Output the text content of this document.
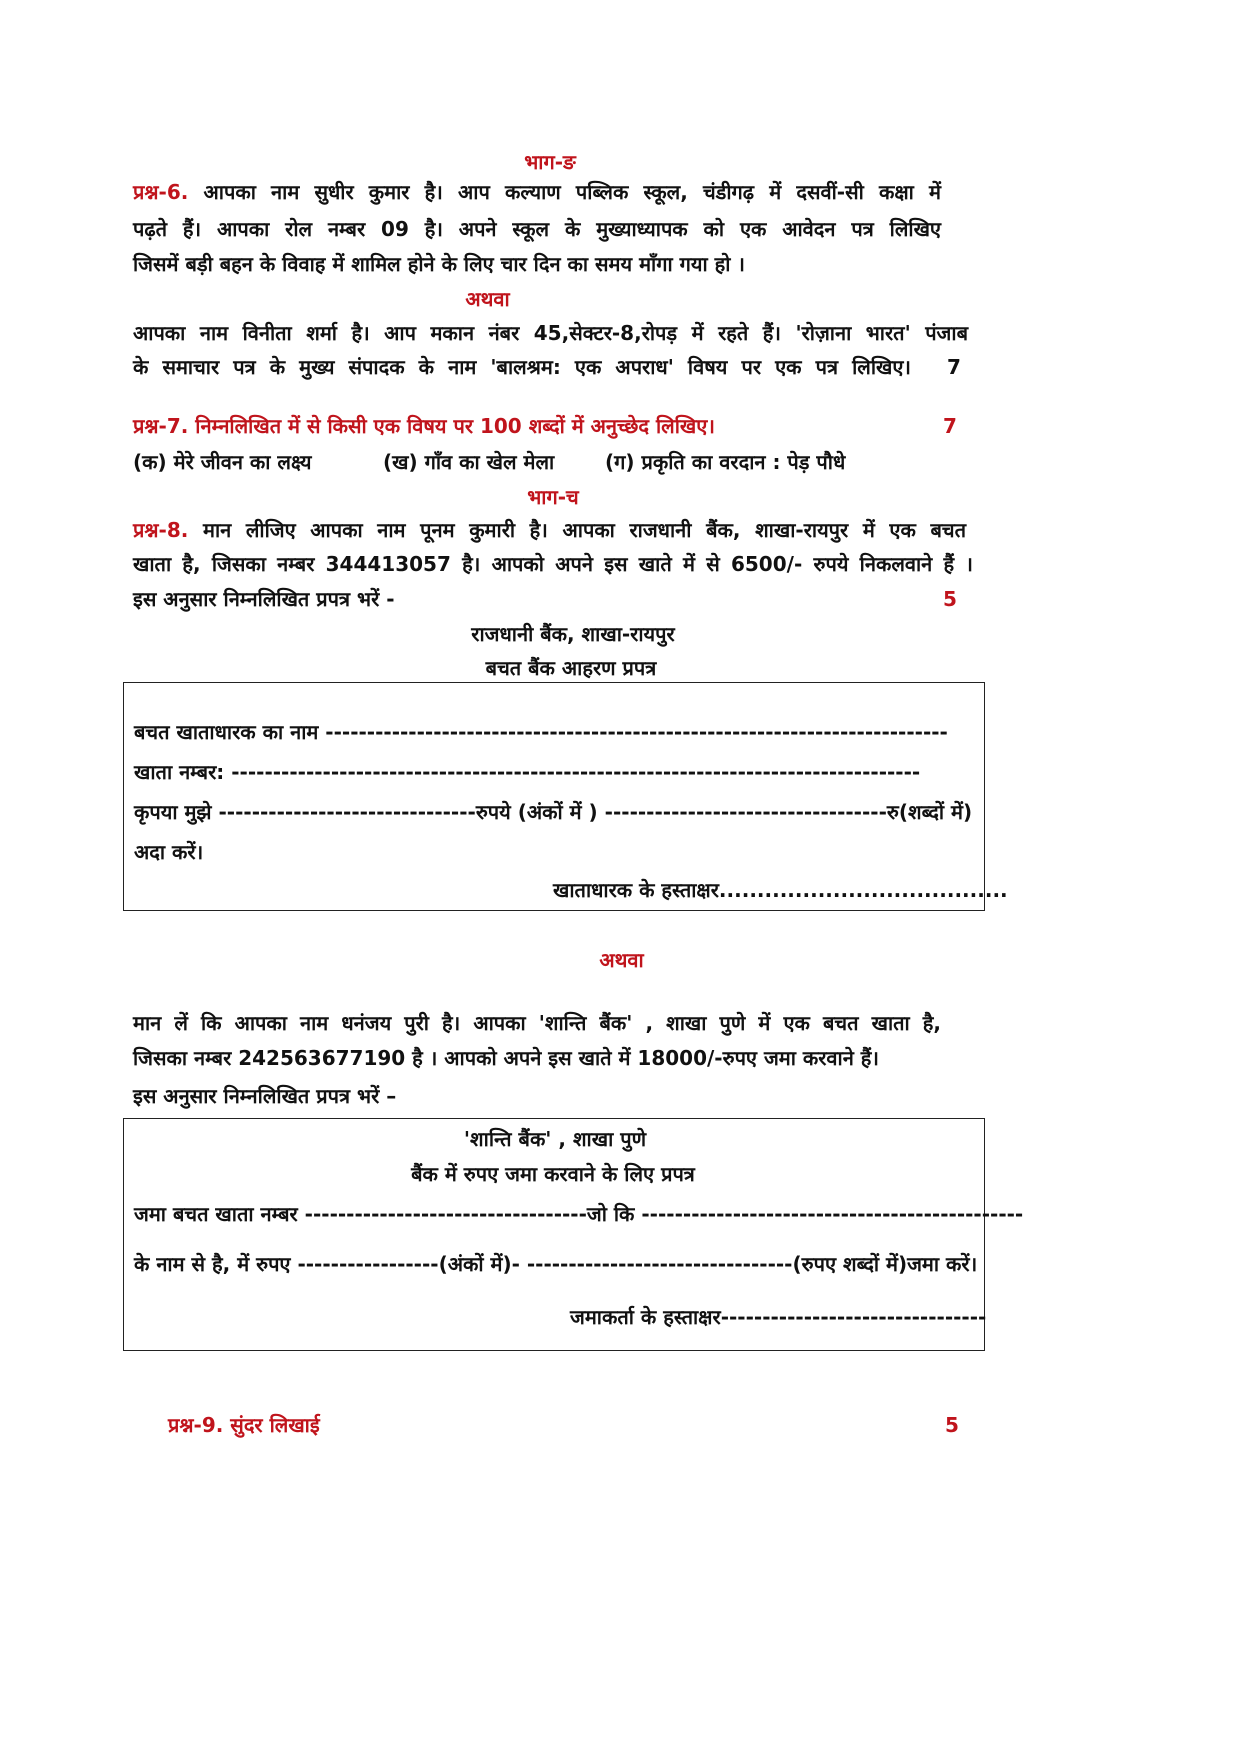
भाग-ङ
प्रश्न-6. आपका नाम सुधीर कुमार है। आप कल्याण पब्लिक स्कूल, चंडीगढ़ में दसवीं-सी कक्षा में
पढ़ते हैं। आपका रोल नम्बर 09 है। अपने स्कूल के मुख्याध्यापक को एक आवेदन पत्र लिखिए
जिसमें बड़ी बहन के विवाह में शामिल होने के लिए चार दिन का समय माँगा गया हो ।
अथवा
आपका नाम विनीता शर्मा है। आप मकान नंबर 45,सेक्टर-8,रोपड़ में रहते हैं। 'रोज़ाना भारत' पंजाब
के समाचार पत्र के मुख्य संपादक के नाम 'बालश्रम: एक अपराध' विषय पर एक पत्र लिखिए। 7
प्रश्न-7. निम्नलिखित में से किसी एक विषय पर 100 शब्दों में अनुच्छेद लिखिए।	7
(क) मेरे जीवन का लक्ष्य	(ख) गाँव का खेल मेला	(ग) प्रकृति का वरदान : पेड़ पौधे
भाग-च
प्रश्न-8. मान लीजिए आपका नाम पूनम कुमारी है। आपका राजधानी बैंक, शाखा-रायपुर में एक बचत
खाता है, जिसका नम्बर 344413057 है। आपको अपने इस खाते में से 6500/- रुपये निकलवाने हैं ।
इस अनुसार निम्नलिखित प्रपत्र भरें -	5
राजधानी बैंक, शाखा-रायपुर
बचत बैंक आहरण प्रपत्र
बचत खाताधारक का नाम ---------------------------------------------------------------------------
खाता नम्बर: -----------------------------------------------------------------------------------
कृपया मुझे -------------------------------रुपये (अंकों में ) ----------------------------------रु(शब्दों में)
अदा करें।
खाताधारक के हस्ताक्षर......................................
अथवा
मान लें कि आपका नाम धनंजय पुरी है। आपका 'शान्ति बैंक' , शाखा पुणे में एक बचत खाता है,
जिसका नम्बर 242563677190 है । आपको अपने इस खाते में 18000/-रुपए जमा करवाने हैं।
इस अनुसार निम्नलिखित प्रपत्र भरें –
'शान्ति बैंक' , शाखा पुणे
बैंक में रुपए जमा करवाने के लिए प्रपत्र
जमा बचत खाता नम्बर ----------------------------------जो कि ----------------------------------------------
के नाम से है, में रुपए -----------------(अंकों में)- --------------------------------(रुपए शब्दों में)जमा करें।
जमाकर्ता के हस्ताक्षर--------------------------------
प्रश्न-9. सुंदर लिखाई	5
